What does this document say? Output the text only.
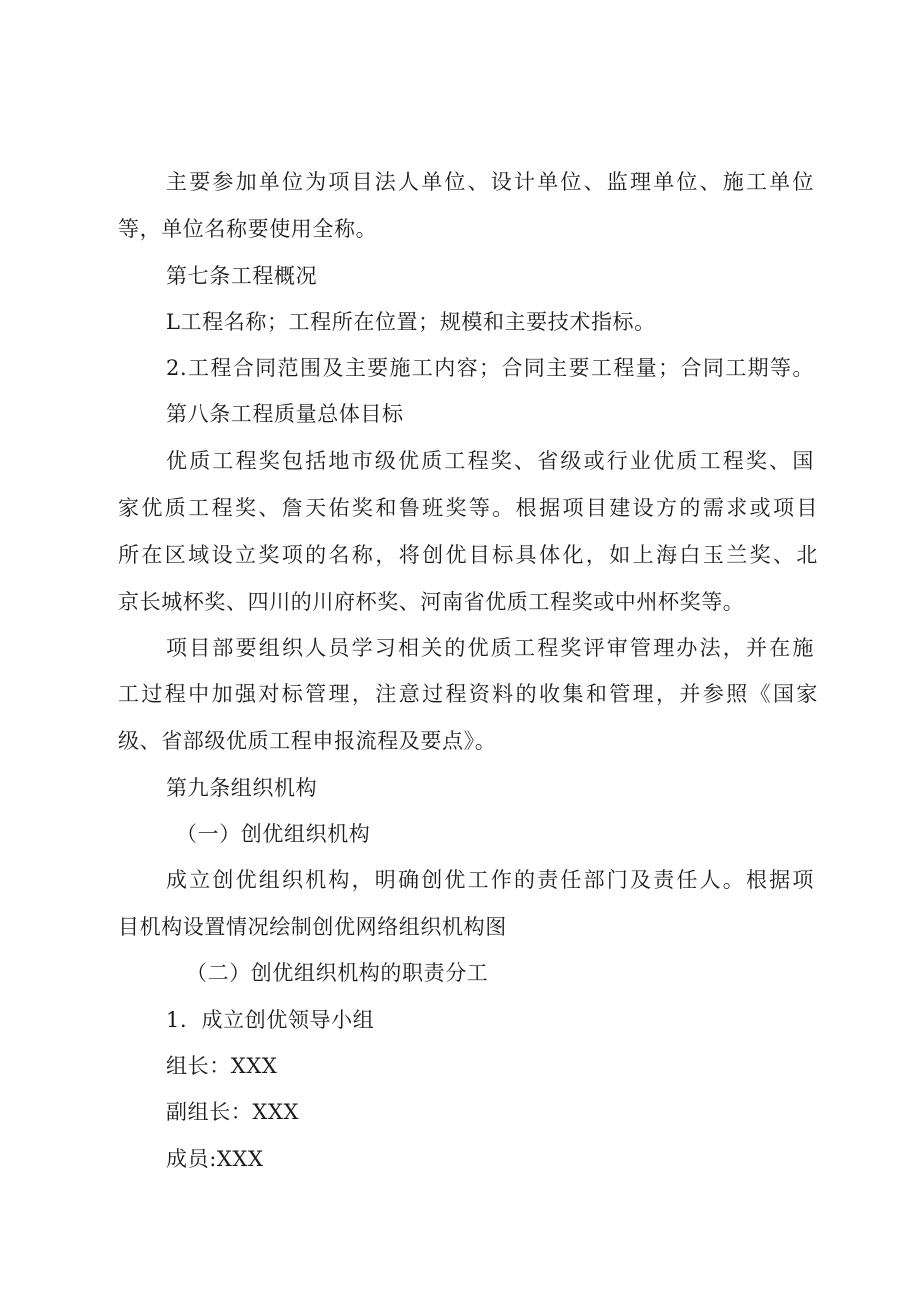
主要参加单位为项目法人单位、设计单位、监理单位、施工单位
等，单位名称要使用全称。
第七条工程概况
L工程名称；工程所在位置；规模和主要技术指标。
2.工程合同范围及主要施工内容；合同主要工程量；合同工期等。
第八条工程质量总体目标
优质工程奖包括地市级优质工程奖、省级或行业优质工程奖、国
家优质工程奖、詹天佑奖和鲁班奖等。根据项目建设方的需求或项目
所在区域设立奖项的名称，将创优目标具体化，如上海白玉兰奖、北
京长城杯奖、四川的川府杯奖、河南省优质工程奖或中州杯奖等。
项目部要组织人员学习相关的优质工程奖评审管理办法，并在施
工过程中加强对标管理，注意过程资料的收集和管理，并参照《国家
级、省部级优质工程申报流程及要点》。
第九条组织机构
（一）创优组织机构
成立创优组织机构，明确创优工作的责任部门及责任人。根据项
目机构设置情况绘制创优网络组织机构图
（二）创优组织机构的职责分工
1．成立创优领导小组
组长：XXX
副组长：XXX
成员:XXX
